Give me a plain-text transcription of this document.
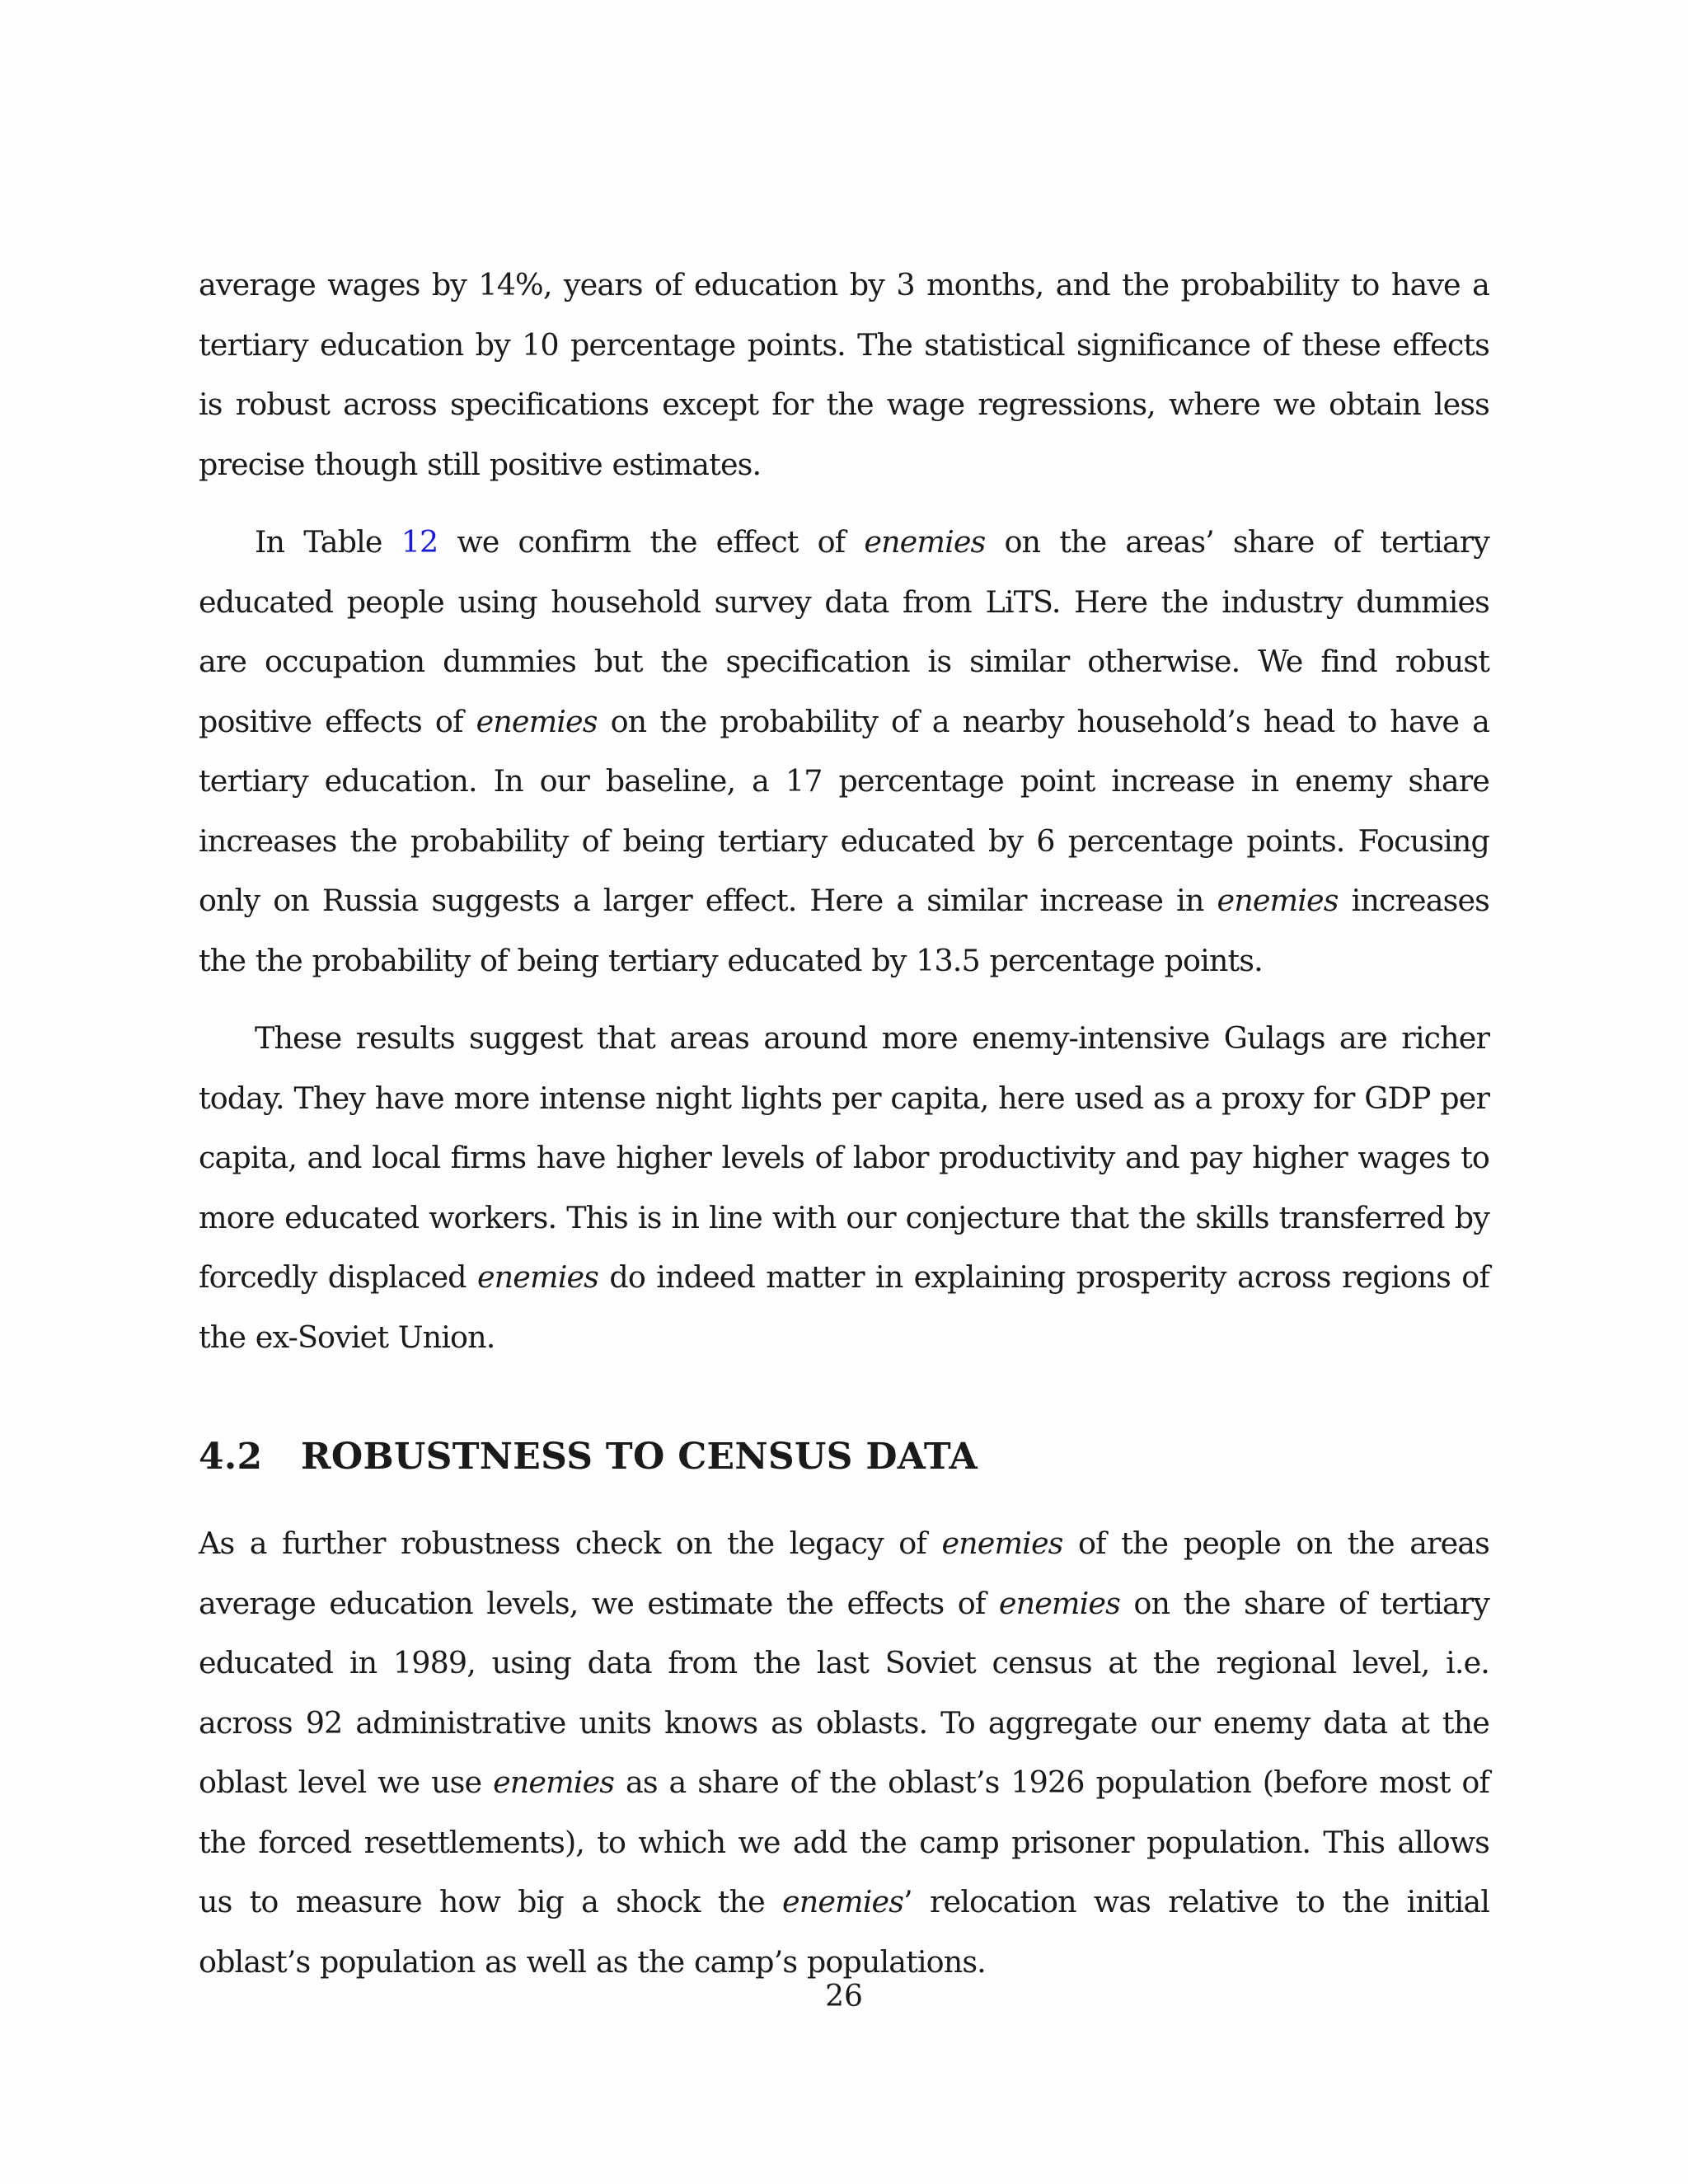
average wages by 14%, years of education by 3 months, and the probability to have a tertiary education by 10 percentage points. The statistical significance of these effects is robust across specifications except for the wage regressions, where we obtain less precise though still positive estimates.

In Table 12 we confirm the effect of enemies on the areas’ share of tertiary educated people using household survey data from LiTS. Here the industry dummies are occupation dummies but the specification is similar otherwise. We find robust positive effects of enemies on the probability of a nearby household’s head to have a tertiary education. In our baseline, a 17 percentage point increase in enemy share increases the probability of being tertiary educated by 6 percentage points. Focusing only on Russia suggests a larger effect. Here a similar increase in enemies increases the the probability of being tertiary educated by 13.5 percentage points.

These results suggest that areas around more enemy-intensive Gulags are richer today. They have more intense night lights per capita, here used as a proxy for GDP per capita, and local firms have higher levels of labor productivity and pay higher wages to more educated workers. This is in line with our conjecture that the skills transferred by forcedly displaced enemies do indeed matter in explaining prosperity across regions of the ex-Soviet Union.

4.2	ROBUSTNESS TO CENSUS DATA

As a further robustness check on the legacy of enemies of the people on the areas average education levels, we estimate the effects of enemies on the share of tertiary educated in 1989, using data from the last Soviet census at the regional level, i.e. across 92 administrative units knows as oblasts. To aggregate our enemy data at the oblast level we use enemies as a share of the oblast’s 1926 population (before most of the forced resettlements), to which we add the camp prisoner population. This allows us to measure how big a shock the enemies’ relocation was relative to the initial oblast’s population as well as the camp’s populations.

26
